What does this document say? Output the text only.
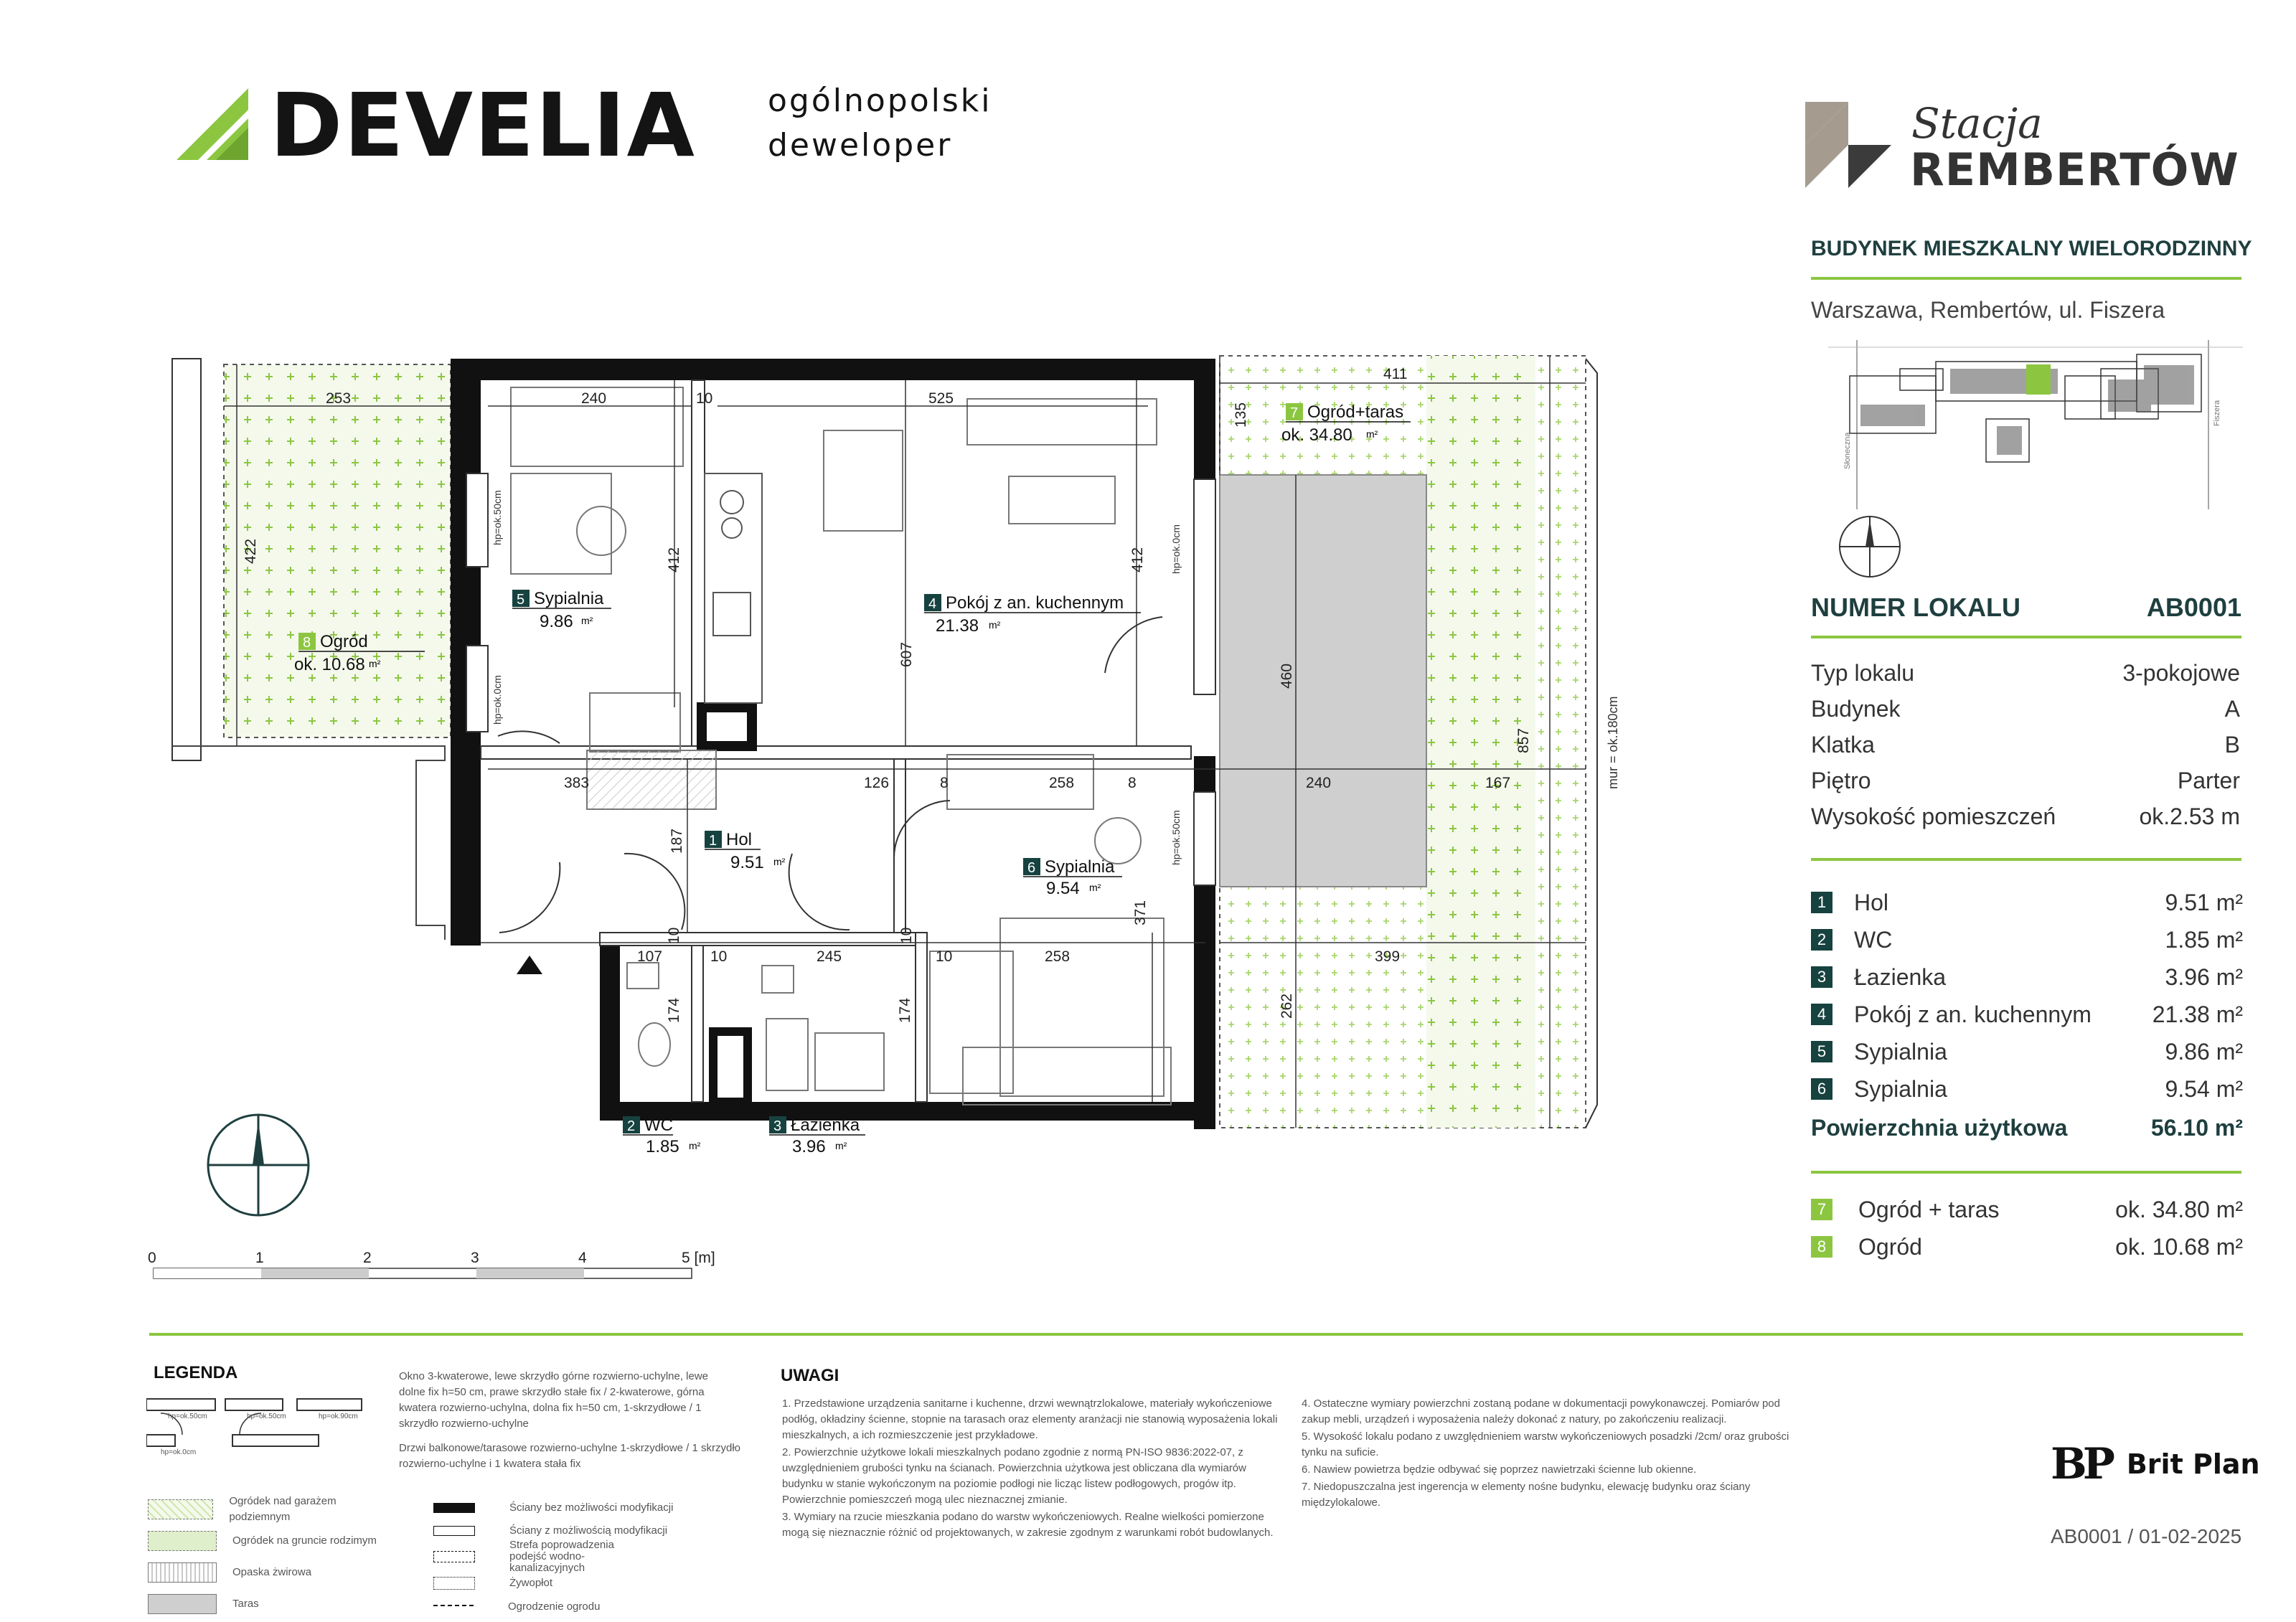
DEVELIA ogólnopolski
deweloper	Stacja
REMBERTÓW
BUDYNEK MIESZKALNY WIELORODZINNY
Warszawa, Rembertów, ul. Fiszera
Słoneczna
Fiszera
NUMER LOKALU	AB0001
Typ lokalu	3-pokojowe
Budynek	A
Klatka	B
Piętro	Parter
Wysokość pomieszczeń	ok.2.53 m
1 Hol	9.51 m²
2 WC	1.85 m²
3 Łazienka	3.96 m²
4 Pokój z an. kuchennym	21.38 m²
5 Sypialnia	9.86 m²
6 Sypialnia	9.54 m²
Powierzchnia użytkowa	56.10 m²
7 Ogród + taras	ok. 34.80 m²
8 Ogród	ok. 10.68 m²
253	240	10	525
411
135
422	412	412
607
460
857
383	126	8	258	8	240	167
187
107	10	245	10	258	399
174	174
371
262
10	10
hp=ok.50cm
hp=ok.0cm
hp=ok.0cm
hp=ok.50cm
mur = ok.180cm
5 Sypialnia
9.86 m²
4 Pokój z an. kuchennym
21.38 m²
1 Hol
9.51 m²	6 Sypialnia
9.54 m²
2 WC
1.85 m²
3 Łazienka
3.96 m²
7 Ogród+taras
ok. 34.80 m²
8 Ogród
ok. 10.68 m²
0	1	2	3	4	5 [m]
LEGENDA
hp=ok.50cm	hp=ok.50cm	hp=ok.90cm
hp=ok.0cm
Okno 3-kwaterowe, lewe skrzydło górne rozwierno-uchylne, lewe dolne fix h=50 cm, prawe skrzydło stałe fix / 2-kwaterowe, górna kwatera rozwierno-uchylna, dolna fix h=50 cm, 1-skrzydłowe / 1 skrzydło rozwierno-uchylne
Drzwi balkonowe/tarasowe rozwierno-uchylne 1-skrzydłowe / 1 skrzydło rozwierno-uchylne i 1 kwatera stała fix
Ogródek nad garażem podziemnym
Ogródek na gruncie rodzimym
Opaska żwirowa
Taras
Ściany bez możliwości modyfikacji
Ściany z możliwością modyfikacji
Strefa poprowadzenia podejść wodno-kanalizacyjnych
Żywopłot
Ogrodzenie ogrodu
UWAGI
1. Przedstawione urządzenia sanitarne i kuchenne, drzwi wewnątrzlokalowe, materiały wykończeniowe podłóg, okładziny ścienne, stopnie na tarasach oraz elementy aranżacji nie stanowią wyposażenia lokali mieszkalnych, a ich rozmieszczenie jest przykładowe.
2. Powierzchnie użytkowe lokali mieszkalnych podano zgodnie z normą PN-ISO 9836:2022-07, z uwzględnieniem grubości tynku na ścianach. Powierzchnia użytkowa jest obliczana dla wymiarów budynku w stanie wykończonym na poziomie podłogi nie licząc listew podłogowych, progów itp. Powierzchnie pomieszczeń mogą ulec nieznacznej zmianie.
3. Wymiary na rzucie mieszkania podano do warstw wykończeniowych. Realne wielkości pomierzone mogą się nieznacznie różnić od projektowanych, w zakresie zgodnym z warunkami robót budowlanych.
4. Ostateczne wymiary powierzchni zostaną podane w dokumentacji powykonawczej. Pomiarów pod zakup mebli, urządzeń i wyposażenia należy dokonać z natury, po zakończeniu realizacji.
5. Wysokość lokalu podano z uwzględnieniem warstw wykończeniowych posadzki /2cm/ oraz grubości tynku na suficie.
6. Nawiew powietrza będzie odbywać się poprzez nawietrzaki ścienne lub okienne.
7. Niedopuszczalna jest ingerencja w elementy nośne budynku, elewację budynku oraz ściany międzylokalowe.
BP Brit Plan
AB0001 / 01-02-2025
